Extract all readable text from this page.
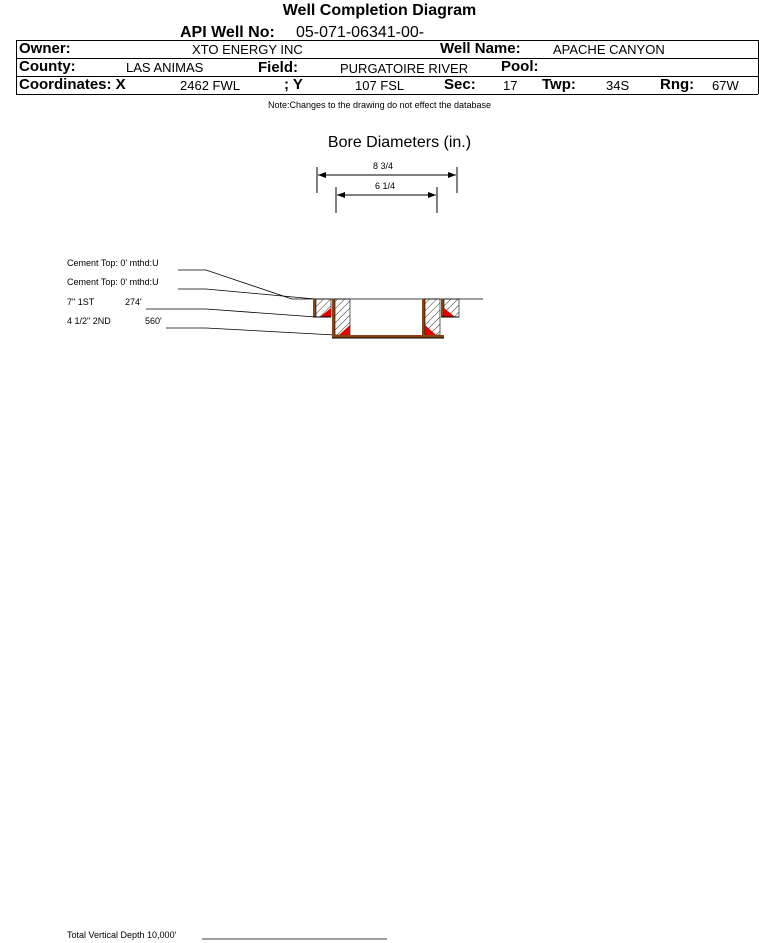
Well Completion Diagram
API Well No: 05-071-06341-00-
Owner:	XTO ENERGY INC	Well Name: APACHE CANYON
County:	LAS ANIMAS	Field:	PURGATOIRE RIVER Pool:
Coordinates: X	2462 FWL	; Y	107 FSL	Sec: 17 Twp: 34S Rng: 67W
Note:Changes to the drawing do not effect the database
Bore Diameters (in.)
8 3/4
6 1/4
Cement Top: 0' mthd:U
Cement Top: 0' mthd:U
7" 1ST	274'
4 1/2" 2ND	560'
Total Vertical Depth 10,000'
